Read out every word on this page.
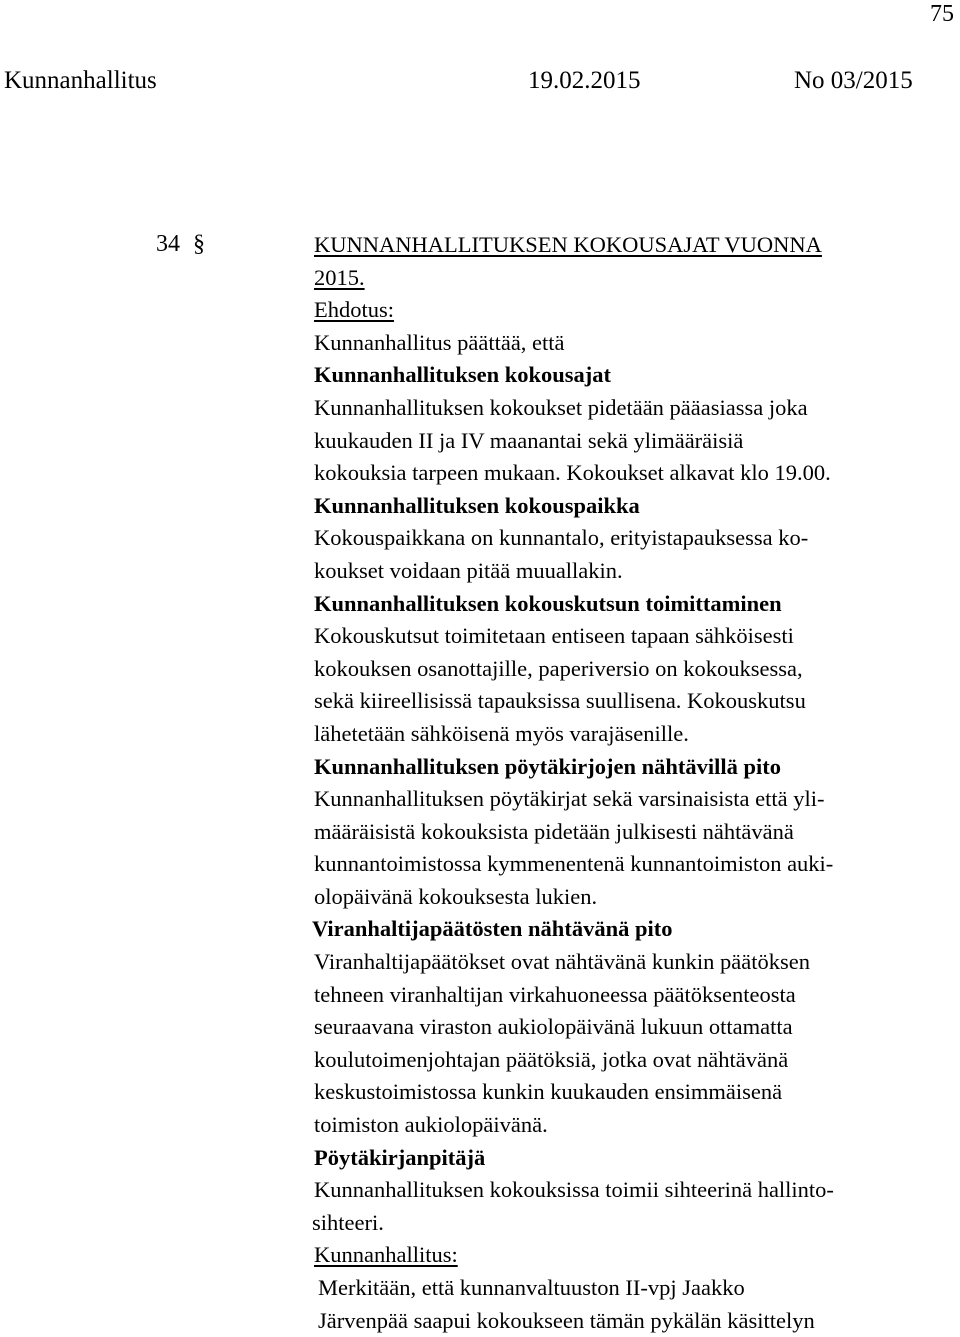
75
Kunnanhallitus	19.02.2015	No 03/2015
34 §	KUNNANHALLITUKSEN KOKOUSAJAT VUONNA
2015.
Ehdotus:
Kunnanhallitus päättää, että
Kunnanhallituksen kokousajat
Kunnanhallituksen kokoukset pidetään pääasiassa joka
kuukauden II ja IV maanantai sekä ylimääräisiä
kokouksia tarpeen mukaan. Kokoukset alkavat klo 19.00.
Kunnanhallituksen kokouspaikka
Kokouspaikkana on kunnantalo, erityistapauksessa ko-
koukset voidaan pitää muuallakin.
Kunnanhallituksen kokouskutsun toimittaminen
Kokouskutsut toimitetaan entiseen tapaan sähköisesti
kokouksen osanottajille, paperiversio on kokouksessa,
sekä kiireellisissä tapauksissa suullisena. Kokouskutsu
lähetetään sähköisenä myös varajäsenille.
Kunnanhallituksen pöytäkirjojen nähtävillä pito
Kunnanhallituksen pöytäkirjat sekä varsinaisista että yli-
määräisistä kokouksista pidetään julkisesti nähtävänä
kunnantoimistossa kymmenentenä kunnantoimiston auki-
olopäivänä kokouksesta lukien.
Viranhaltijapäätösten nähtävänä pito
Viranhaltijapäätökset ovat nähtävänä kunkin päätöksen
tehneen viranhaltijan virkahuoneessa päätöksenteosta
seuraavana viraston aukiolopäivänä lukuun ottamatta
koulutoimenjohtajan päätöksiä, jotka ovat nähtävänä
keskustoimistossa kunkin kuukauden ensimmäisenä
toimiston aukiolopäivänä.
Pöytäkirjanpitäjä
Kunnanhallituksen kokouksissa toimii sihteerinä hallinto-
sihteeri.
Kunnanhallitus:
Merkitään, että kunnanvaltuuston II-vpj Jaakko
Järvenpää saapui kokoukseen tämän pykälän käsittelyn
